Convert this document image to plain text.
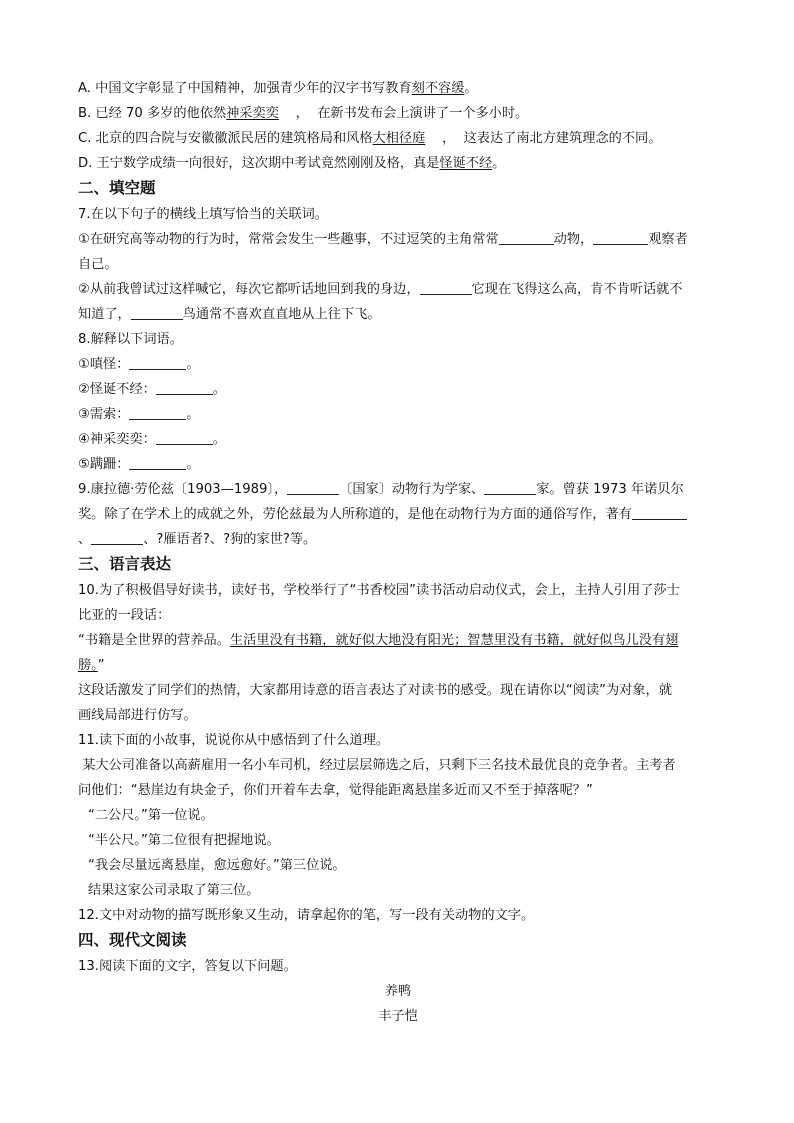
A. 中国文字彰显了中国精神，加强青少年的汉字书写教育刻不容缓。
B. 已经 70 多岁的他依然神采奕奕    ，  在新书发布会上演讲了一个多小时。
C. 北京的四合院与安徽徽派民居的建筑格局和风格大相径庭    ，  这表达了南北方建筑理念的不同。
D. 王宁数学成绩一向很好，这次期中考试竟然刚刚及格，真是怪诞不经。
二、填空题
7.在以下句子的横线上填写恰当的关联词。
①在研究高等动物的行为时，常常会发生一些趣事，不过逗笑的主角常常	动物，	观察者
自己。
②从前我曾试过这样喊它，每次它都听话地回到我的身边，	它现在飞得这么高，肯不肯听话就不
知道了，	鸟通常不喜欢直直地从上往下飞。
8.解释以下词语。
①嗔怪：	。
②怪诞不经：	。
③需索：	。
④神采奕奕：	。
⑤蹒跚：	。
9.康拉德·劳伦兹〔1903—1989〕，	〔国家〕动物行为学家、	家。曾获 1973 年诺贝尔
奖。除了在学术上的成就之外，劳伦兹最为人所称道的，是他在动物行为方面的通俗写作，著有
、	、?雁语者?、?狗的家世?等。
三、语言表达
10.为了积极倡导好读书，读好书，学校举行了“书香校园”读书活动启动仪式，会上，主持人引用了莎士
比亚的一段话：
“书籍是全世界的营养品。生活里没有书籍，就好似大地没有阳光；智慧里没有书籍，就好似鸟儿没有翅
膀。”
这段话激发了同学们的热情，大家都用诗意的语言表达了对读书的感受。现在请你以“阅读”为对象，就
画线局部进行仿写。
11.读下面的小故事，说说你从中感悟到了什么道理。
某大公司准备以高薪雇用一名小车司机，经过层层筛选之后，只剩下三名技术最优良的竞争者。主考者
问他们：“悬崖边有块金子，你们开着车去拿，觉得能距离悬崖多近而又不至于掉落呢？”
“二公尺。”第一位说。
“半公尺。”第二位很有把握地说。
“我会尽量远离悬崖，愈远愈好。”第三位说。
结果这家公司录取了第三位。
12.文中对动物的描写既形象又生动，请拿起你的笔，写一段有关动物的文字。
四、现代文阅读
13.阅读下面的文字，答复以下问题。
养鸭
丰子恺
